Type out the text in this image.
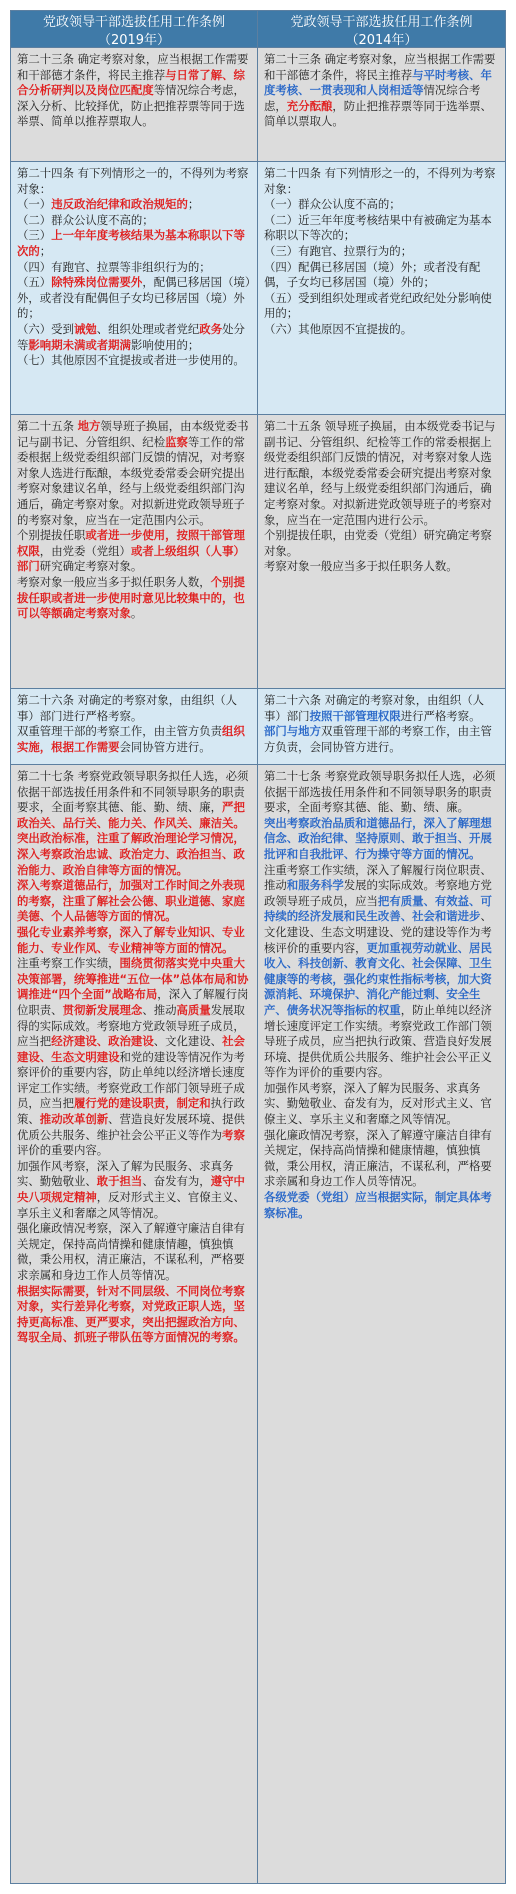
党政领导干部选拔任用工作条例
（2019年）
党政领导干部选拔任用工作条例
（2014年）

第二十三条 确定考察对象，应当根据工作需要和干部德才条件，将民主推荐与日常了解、综合分析研判以及岗位匹配度等情况综合考虑，深入分析、比较择优，防止把推荐票等同于选举票、简单以推荐票取人。

第二十三条 确定考察对象，应当根据工作需要和干部德才条件，将民主推荐与平时考核、年度考核、一贯表现和人岗相适等情况综合考虑，充分酝酿，防止把推荐票等同于选举票、简单以票取人。

第二十四条 有下列情形之一的，不得列为考察对象：

（一）违反政治纪律和政治规矩的；

（二）群众公认度不高的；

（三）上一年年度考核结果为基本称职以下等次的；

（四）有跑官、拉票等非组织行为的；

（五）除特殊岗位需要外，配偶已移居国（境）外，或者没有配偶但子女均已移居国（境）外的；

（六）受到诫勉、组织处理或者党纪政务处分等影响期未满或者期满影响使用的；

（七）其他原因不宜提拔或者进一步使用的。

第二十四条 有下列情形之一的，不得列为考察对象：

（一）群众公认度不高的；

（二）近三年年度考核结果中有被确定为基本称职以下等次的；

（三）有跑官、拉票行为的；

（四）配偶已移居国（境）外；或者没有配偶，子女均已移居国（境）外的；

（五）受到组织处理或者党纪政纪处分影响使用的；

（六）其他原因不宜提拔的。

第二十五条 地方领导班子换届，由本级党委书记与副书记、分管组织、纪检监察等工作的常委根据上级党委组织部门反馈的情况，对考察对象人选进行酝酿，本级党委常委会研究提出考察对象建议名单，经与上级党委组织部门沟通后，确定考察对象。对拟新进党政领导班子的考察对象，应当在一定范围内公示。

个别提拔任职或者进一步使用，按照干部管理权限，由党委（党组）或者上级组织（人事）部门研究确定考察对象。

考察对象一般应当多于拟任职务人数，个别提拔任职或者进一步使用时意见比较集中的，也可以等额确定考察对象。

第二十五条 领导班子换届，由本级党委书记与副书记、分管组织、纪检等工作的常委根据上级党委组织部门反馈的情况，对考察对象人选进行酝酿，本级党委常委会研究提出考察对象建议名单，经与上级党委组织部门沟通后，确定考察对象。对拟新进党政领导班子的考察对象，应当在一定范围内进行公示。

个别提拔任职，由党委（党组）研究确定考察对象。

考察对象一般应当多于拟任职务人数。

第二十六条 对确定的考察对象，由组织（人事）部门进行严格考察。

双重管理干部的考察工作，由主管方负责组织实施，根据工作需要会同协管方进行。

第二十六条 对确定的考察对象，由组织（人事）部门按照干部管理权限进行严格考察。

部门与地方双重管理干部的考察工作，由主管方负责，会同协管方进行。

第二十七条 考察党政领导职务拟任人选，必须依据干部选拔任用条件和不同领导职务的职责要求，全面考察其德、能、勤、绩、廉，严把政治关、品行关、能力关、作风关、廉洁关。

突出政治标准，注重了解政治理论学习情况，深入考察政治忠诚、政治定力、政治担当、政治能力、政治自律等方面的情况。

深入考察道德品行，加强对工作时间之外表现的考察，注重了解社会公德、职业道德、家庭美德、个人品德等方面的情况。

强化专业素养考察，深入了解专业知识、专业能力、专业作风、专业精神等方面的情况。

注重考察工作实绩，围绕贯彻落实党中央重大决策部署，统筹推进“五位一体”总体布局和协调推进“四个全面”战略布局，深入了解履行岗位职责、贯彻新发展理念、推动高质量发展取得的实际成效。考察地方党政领导班子成员，应当把经济建设、政治建设、文化建设、社会建设、生态文明建设和党的建设等情况作为考察评价的重要内容，防止单纯以经济增长速度评定工作实绩。考察党政工作部门领导班子成员，应当把履行党的建设职责，制定和执行政策、推动改革创新、营造良好发展环境、提供优质公共服务、维护社会公平正义等作为考察评价的重要内容。

加强作风考察，深入了解为民服务、求真务实、勤勉敬业、敢于担当、奋发有为，遵守中央八项规定精神，反对形式主义、官僚主义、享乐主义和奢靡之风等情况。

强化廉政情况考察，深入了解遵守廉洁自律有关规定，保持高尚情操和健康情趣，慎独慎微，秉公用权，清正廉洁，不谋私利，严格要求亲属和身边工作人员等情况。

根据实际需要，针对不同层级、不同岗位考察对象，实行差异化考察，对党政正职人选，坚持更高标准、更严要求，突出把握政治方向、驾驭全局、抓班子带队伍等方面情况的考察。

第二十七条 考察党政领导职务拟任人选，必须依据干部选拔任用条件和不同领导职务的职责要求，全面考察其德、能、勤、绩、廉。

突出考察政治品质和道德品行，深入了解理想信念、政治纪律、坚持原则、敢于担当、开展批评和自我批评、行为操守等方面的情况。

注重考察工作实绩，深入了解履行岗位职责、推动和服务科学发展的实际成效。考察地方党政领导班子成员，应当把有质量、有效益、可持续的经济发展和民生改善、社会和谐进步、文化建设、生态文明建设、党的建设等作为考核评价的重要内容，更加重视劳动就业、居民收入、科技创新、教育文化、社会保障、卫生健康等的考核，强化约束性指标考核，加大资源消耗、环境保护、消化产能过剩、安全生产、债务状况等指标的权重，防止单纯以经济增长速度评定工作实绩。考察党政工作部门领导班子成员，应当把执行政策、营造良好发展环境、提供优质公共服务、维护社会公平正义等作为评价的重要内容。

加强作风考察，深入了解为民服务、求真务实、勤勉敬业、奋发有为，反对形式主义、官僚主义、享乐主义和奢靡之风等情况。

强化廉政情况考察，深入了解遵守廉洁自律有关规定，保持高尚情操和健康情趣，慎独慎微，秉公用权，清正廉洁，不谋私利，严格要求亲属和身边工作人员等情况。

各级党委（党组）应当根据实际，制定具体考察标准。
